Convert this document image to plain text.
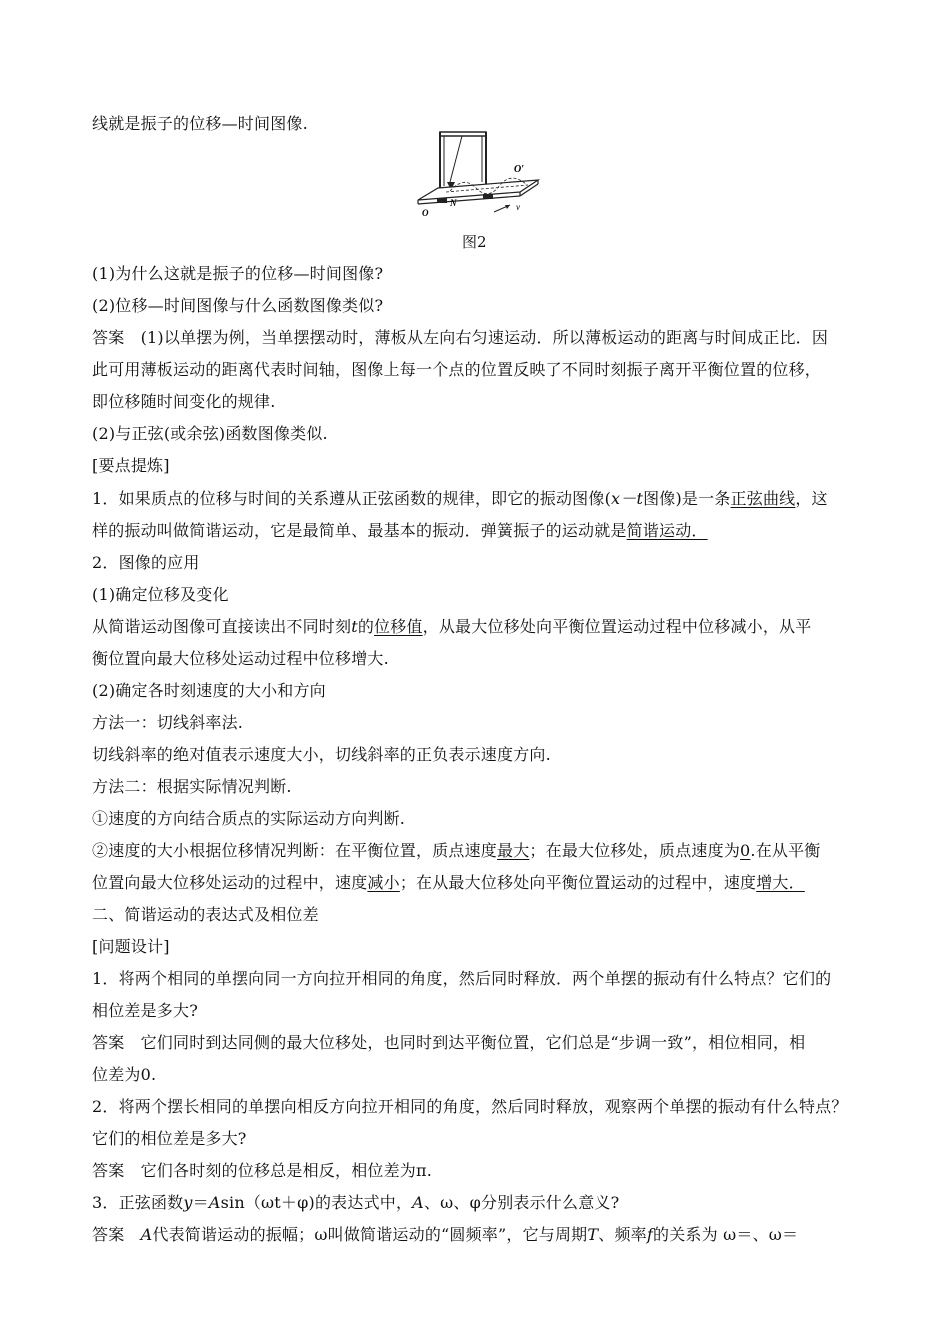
线就是振子的位移—时间图像.
v
O′
N
O
图2
(1)为什么这就是振子的位移—时间图像?
(2)位移—时间图像与什么函数图像类似?
答案　(1)以单摆为例，当单摆摆动时，薄板从左向右匀速运动．所以薄板运动的距离与时间成正比．因
此可用薄板运动的距离代表时间轴，图像上每一个点的位置反映了不同时刻振子离开平衡位置的位移，
即位移随时间变化的规律.
(2)与正弦(或余弦)函数图像类似.
[要点提炼]
1．如果质点的位移与时间的关系遵从正弦函数的规律，即它的振动图像(x－t图像)是一条正弦曲线，这
样的振动叫做简谐运动，它是最简单、最基本的振动．弹簧振子的运动就是简谐运动．
2．图像的应用
(1)确定位移及变化
从简谐运动图像可直接读出不同时刻t的位移值，从最大位移处向平衡位置运动过程中位移减小，从平
衡位置向最大位移处运动过程中位移增大.
(2)确定各时刻速度的大小和方向
方法一：切线斜率法.
切线斜率的绝对值表示速度大小，切线斜率的正负表示速度方向.
方法二：根据实际情况判断.
①速度的方向结合质点的实际运动方向判断.
②速度的大小根据位移情况判断：在平衡位置，质点速度最大；在最大位移处，质点速度为0.在从平衡
位置向最大位移处运动的过程中，速度减小；在从最大位移处向平衡位置运动的过程中，速度增大．
二、简谐运动的表达式及相位差
[问题设计]
1．将两个相同的单摆向同一方向拉开相同的角度，然后同时释放．两个单摆的振动有什么特点？它们的
相位差是多大?
答案　它们同时到达同侧的最大位移处，也同时到达平衡位置，它们总是“步调一致”，相位相同，相
位差为0.
2．将两个摆长相同的单摆向相反方向拉开相同的角度，然后同时释放，观察两个单摆的振动有什么特点？
它们的相位差是多大?
答案　它们各时刻的位移总是相反，相位差为π.
3．正弦函数y＝Asin（ωt＋φ)的表达式中，A、ω、φ分别表示什么意义?
答案　A代表简谐运动的振幅；ω叫做简谐运动的“圆频率”，它与周期T、频率f的关系为 ω＝、ω＝
